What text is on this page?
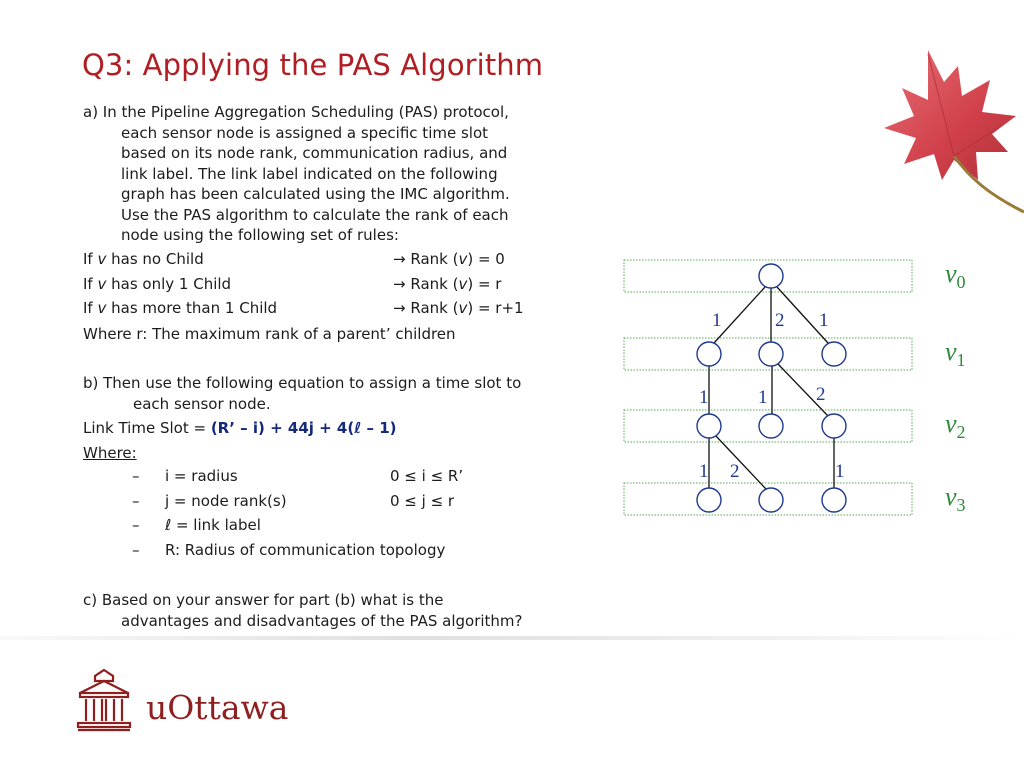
Q3: Applying the PAS Algorithm
a) In the Pipeline Aggregation Scheduling (PAS) protocol,
each sensor node is assigned a specific time slot
based on its node rank, communication radius, and
link label. The link label indicated on the following
graph has been calculated using the IMC algorithm.
Use the PAS algorithm to calculate the rank of each
node using the following set of rules:
If v has no Child	→ Rank (v) = 0
If v has only 1 Child	→ Rank (v) = r
If v has more than 1 Child	→ Rank (v) = r+1
Where r: The maximum rank of a parent’ children
b) Then use the following equation to assign a time slot to
each sensor node.
Link Time Slot = (R’ – i) + 44j + 4(ℓ – 1)
Where:
– i = radius	0 ≤ i ≤ R’
– j = node rank(s)	0 ≤ j ≤ r
– ℓ = link label
– R: Radius of communication topology
c) Based on your answer for part (b) what is the
advantages and disadvantages of the PAS algorithm?
1	2 1
1	1	2
1 2	1
$v_0$
$v_1$
$v_2$
$v_3$
uOttawa
